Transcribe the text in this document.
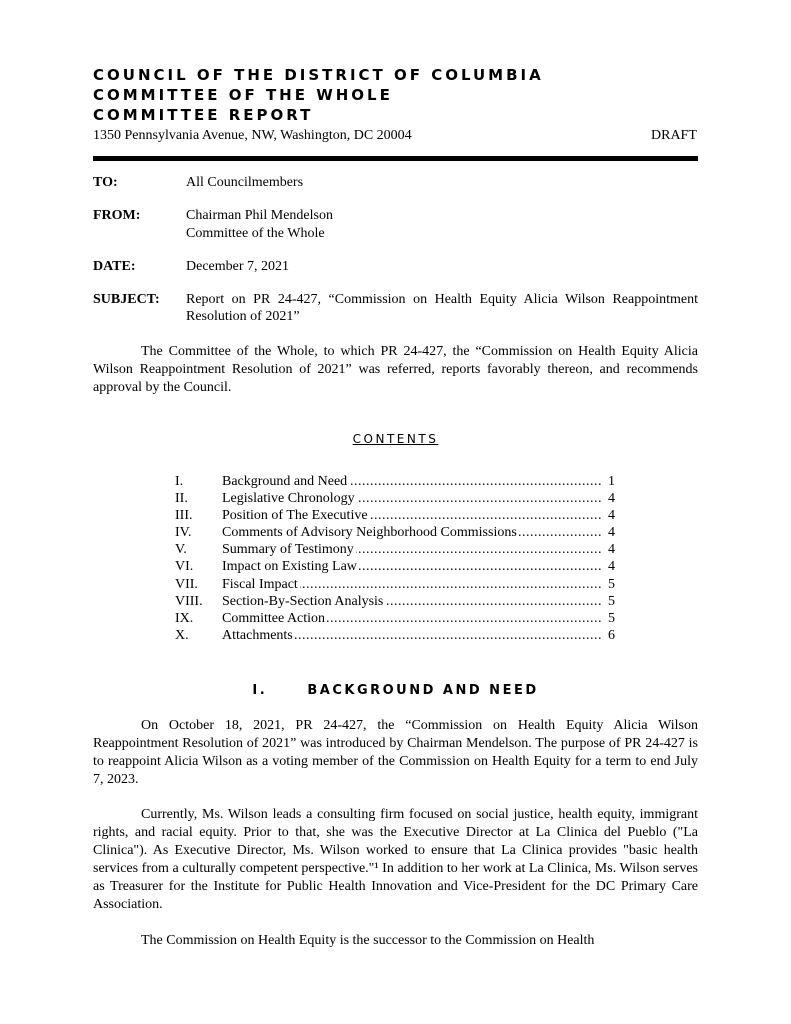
COUNCIL OF THE DISTRICT OF COLUMBIA
COMMITTEE OF THE WHOLE
COMMITTEE REPORT
1350 Pennsylvania Avenue, NW, Washington, DC 20004	DRAFT
TO:	All Councilmembers
FROM:	Chairman Phil Mendelson
Committee of the Whole
DATE:	December 7, 2021
SUBJECT: Report on PR 24-427, “Commission on Health Equity Alicia Wilson Reappointment Resolution of 2021”
The Committee of the Whole, to which PR 24-427, the “Commission on Health Equity Alicia Wilson Reappointment Resolution of 2021” was referred, reports favorably thereon, and recommends approval by the Council.
CONTENTS
I.	Background and Need .....	1
II. Legislative Chronology .....	4
III. Position of The Executive .....	4
IV. Comments of Advisory Neighborhood Commissions .....	4
V.	Summary of Testimony .....	4
VI. Impact on Existing Law .....	4
VII. Fiscal Impact .....	5
VIII. Section-By-Section Analysis .....	5
IX. Committee Action .....	5
X. Attachments .....	6
I.	BACKGROUND AND NEED
On October 18, 2021, PR 24-427, the “Commission on Health Equity Alicia Wilson Reappointment Resolution of 2021” was introduced by Chairman Mendelson. The purpose of PR 24-427 is to reappoint Alicia Wilson as a voting member of the Commission on Health Equity for a term to end July 7, 2023.
Currently, Ms. Wilson leads a consulting firm focused on social justice, health equity, immigrant rights, and racial equity. Prior to that, she was the Executive Director at La Clinica del Pueblo ("La Clinica"). As Executive Director, Ms. Wilson worked to ensure that La Clinica provides "basic health services from a culturally competent perspective."¹ In addition to her work at La Clinica, Ms. Wilson serves as Treasurer for the Institute for Public Health Innovation and Vice-President for the DC Primary Care Association.
The Commission on Health Equity is the successor to the Commission on Health
